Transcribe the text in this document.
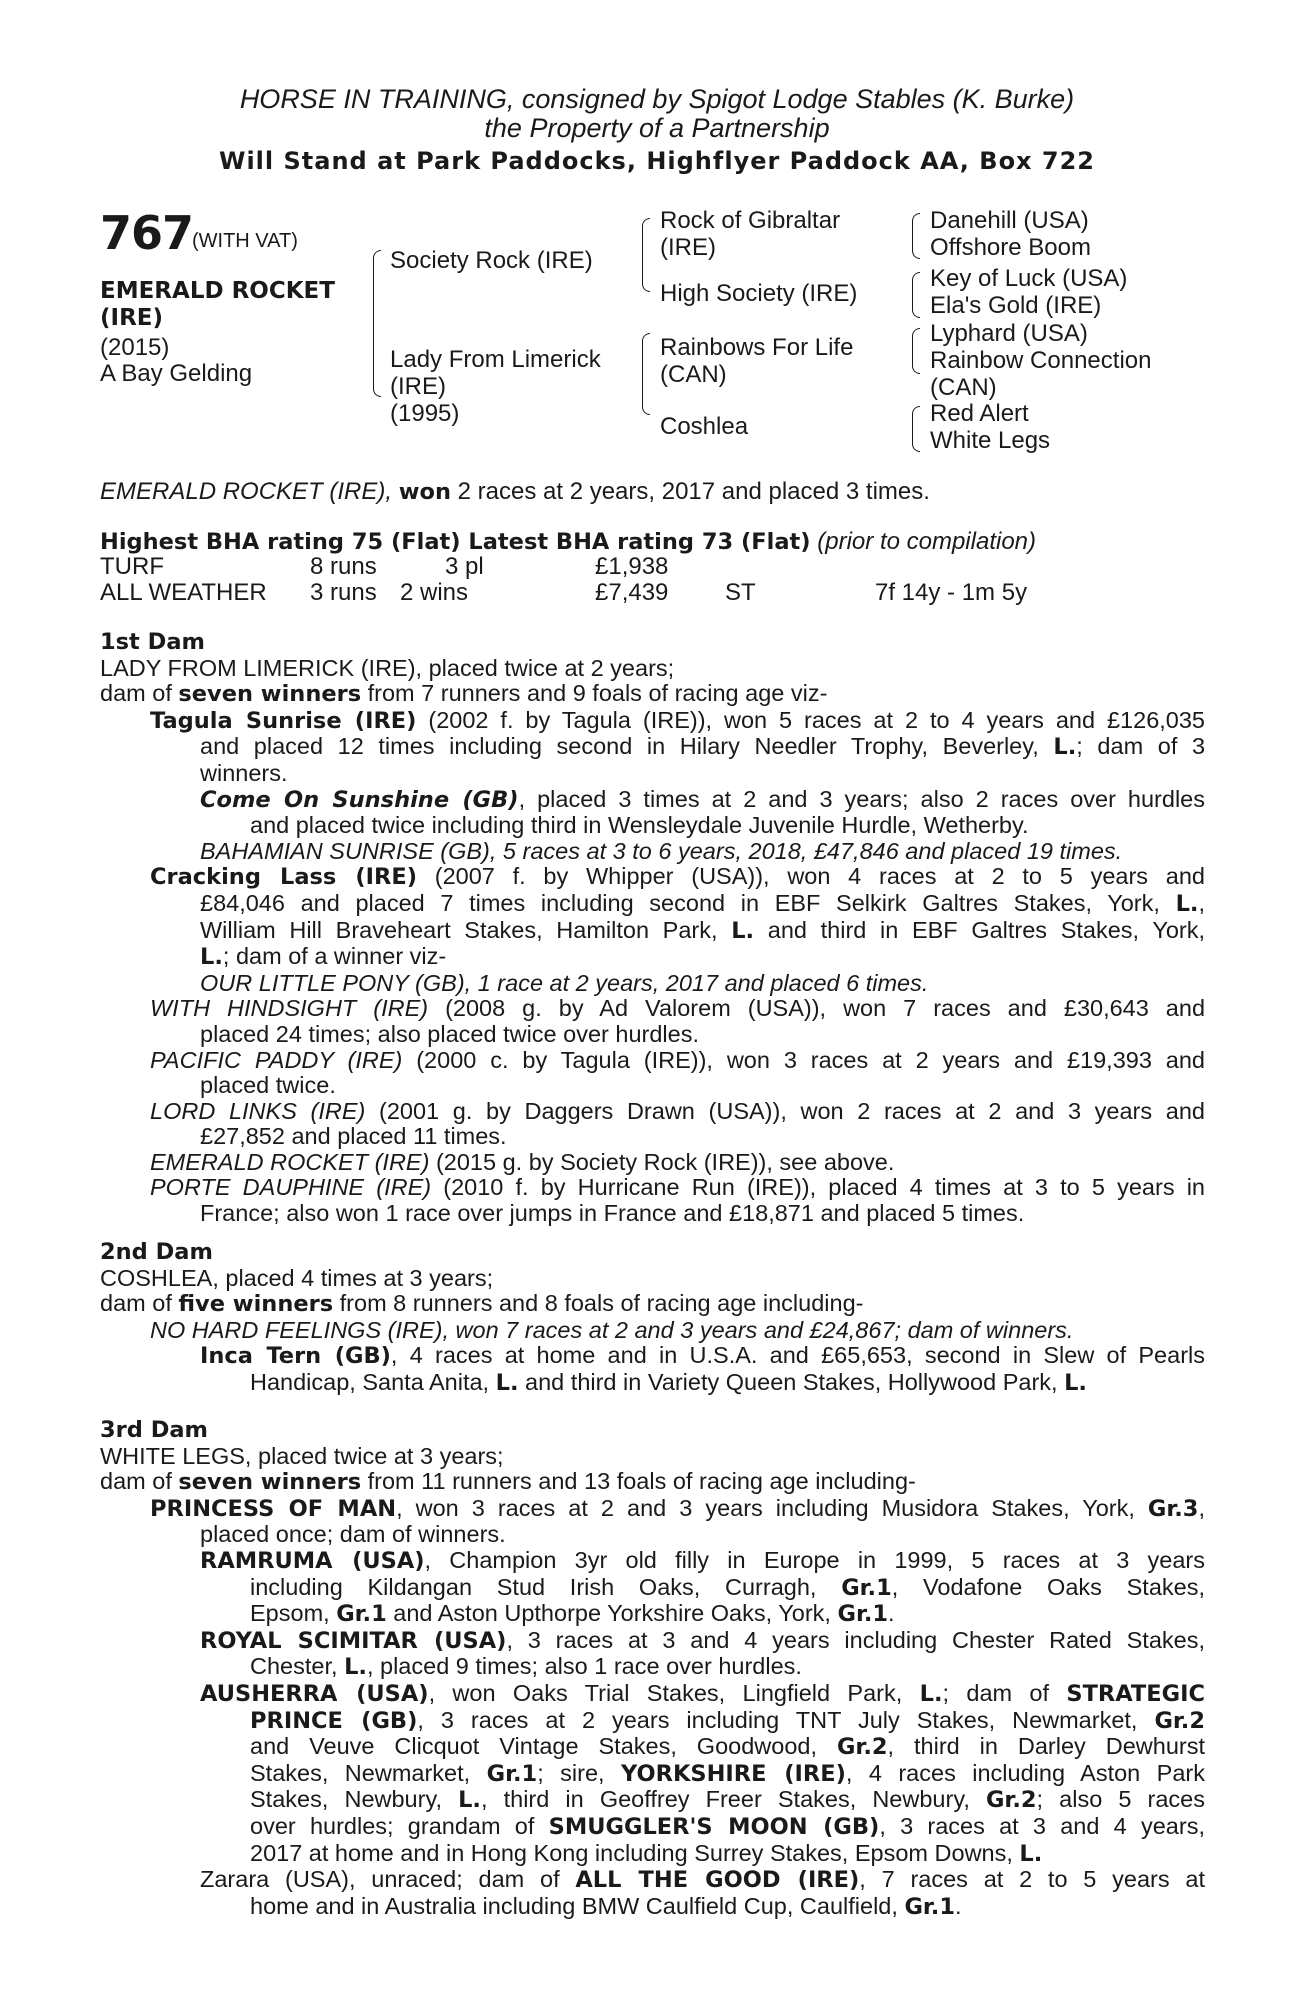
HORSE IN TRAINING, consigned by Spigot Lodge Stables (K. Burke)
the Property of a Partnership
Will Stand at Park Paddocks, Highflyer Paddock AA, Box 722
767
(WITH VAT)
EMERALD ROCKET
(IRE)
(2015)
A Bay Gelding
Society Rock (IRE)
Lady From Limerick
(IRE)
(1995)
Rock of Gibraltar
(IRE)
High Society (IRE)
Rainbows For Life
(CAN)
Coshlea
Danehill (USA)
Offshore Boom
Key of Luck (USA)
Ela's Gold (IRE)
Lyphard (USA)
Rainbow Connection
(CAN)
Red Alert
White Legs
EMERALD ROCKET (IRE), won 2 races at 2 years, 2017 and placed 3 times.
Highest BHA rating 75 (Flat) Latest BHA rating 73 (Flat) (prior to compilation)
TURF	8 runs	3 pl	£1,938		
ALL WEATHER	3 runs	2 wins	£7,439	ST	7f 14y - 1m 5y
1st Dam
LADY FROM LIMERICK (IRE), placed twice at 2 years;
dam of seven winners from 7 runners and 9 foals of racing age viz-
Tagula Sunrise (IRE) (2002 f. by Tagula (IRE)), won 5 races at 2 to 4 years and £126,035
and placed 12 times including second in Hilary Needler Trophy, Beverley, L.; dam of 3
winners.
Come On Sunshine (GB), placed 3 times at 2 and 3 years; also 2 races over hurdles
and placed twice including third in Wensleydale Juvenile Hurdle, Wetherby.
BAHAMIAN SUNRISE (GB), 5 races at 3 to 6 years, 2018, £47,846 and placed 19 times.
Cracking Lass (IRE) (2007 f. by Whipper (USA)), won 4 races at 2 to 5 years and
£84,046 and placed 7 times including second in EBF Selkirk Galtres Stakes, York, L.,
William Hill Braveheart Stakes, Hamilton Park, L. and third in EBF Galtres Stakes, York,
L.; dam of a winner viz-
OUR LITTLE PONY (GB), 1 race at 2 years, 2017 and placed 6 times.
WITH HINDSIGHT (IRE) (2008 g. by Ad Valorem (USA)), won 7 races and £30,643 and
placed 24 times; also placed twice over hurdles.
PACIFIC PADDY (IRE) (2000 c. by Tagula (IRE)), won 3 races at 2 years and £19,393 and
placed twice.
LORD LINKS (IRE) (2001 g. by Daggers Drawn (USA)), won 2 races at 2 and 3 years and
£27,852 and placed 11 times.
EMERALD ROCKET (IRE) (2015 g. by Society Rock (IRE)), see above.
PORTE DAUPHINE (IRE) (2010 f. by Hurricane Run (IRE)), placed 4 times at 3 to 5 years in
France; also won 1 race over jumps in France and £18,871 and placed 5 times.
2nd Dam
COSHLEA, placed 4 times at 3 years;
dam of five winners from 8 runners and 8 foals of racing age including-
NO HARD FEELINGS (IRE), won 7 races at 2 and 3 years and £24,867; dam of winners.
Inca Tern (GB), 4 races at home and in U.S.A. and £65,653, second in Slew of Pearls
Handicap, Santa Anita, L. and third in Variety Queen Stakes, Hollywood Park, L.
3rd Dam
WHITE LEGS, placed twice at 3 years;
dam of seven winners from 11 runners and 13 foals of racing age including-
PRINCESS OF MAN, won 3 races at 2 and 3 years including Musidora Stakes, York, Gr.3,
placed once; dam of winners.
RAMRUMA (USA), Champion 3yr old filly in Europe in 1999, 5 races at 3 years
including Kildangan Stud Irish Oaks, Curragh, Gr.1, Vodafone Oaks Stakes,
Epsom, Gr.1 and Aston Upthorpe Yorkshire Oaks, York, Gr.1.
ROYAL SCIMITAR (USA), 3 races at 3 and 4 years including Chester Rated Stakes,
Chester, L., placed 9 times; also 1 race over hurdles.
AUSHERRA (USA), won Oaks Trial Stakes, Lingfield Park, L.; dam of STRATEGIC
PRINCE (GB), 3 races at 2 years including TNT July Stakes, Newmarket, Gr.2
and Veuve Clicquot Vintage Stakes, Goodwood, Gr.2, third in Darley Dewhurst
Stakes, Newmarket, Gr.1; sire, YORKSHIRE (IRE), 4 races including Aston Park
Stakes, Newbury, L., third in Geoffrey Freer Stakes, Newbury, Gr.2; also 5 races
over hurdles; grandam of SMUGGLER'S MOON (GB), 3 races at 3 and 4 years,
2017 at home and in Hong Kong including Surrey Stakes, Epsom Downs, L.
Zarara (USA), unraced; dam of ALL THE GOOD (IRE), 7 races at 2 to 5 years at
home and in Australia including BMW Caulfield Cup, Caulfield, Gr.1.
